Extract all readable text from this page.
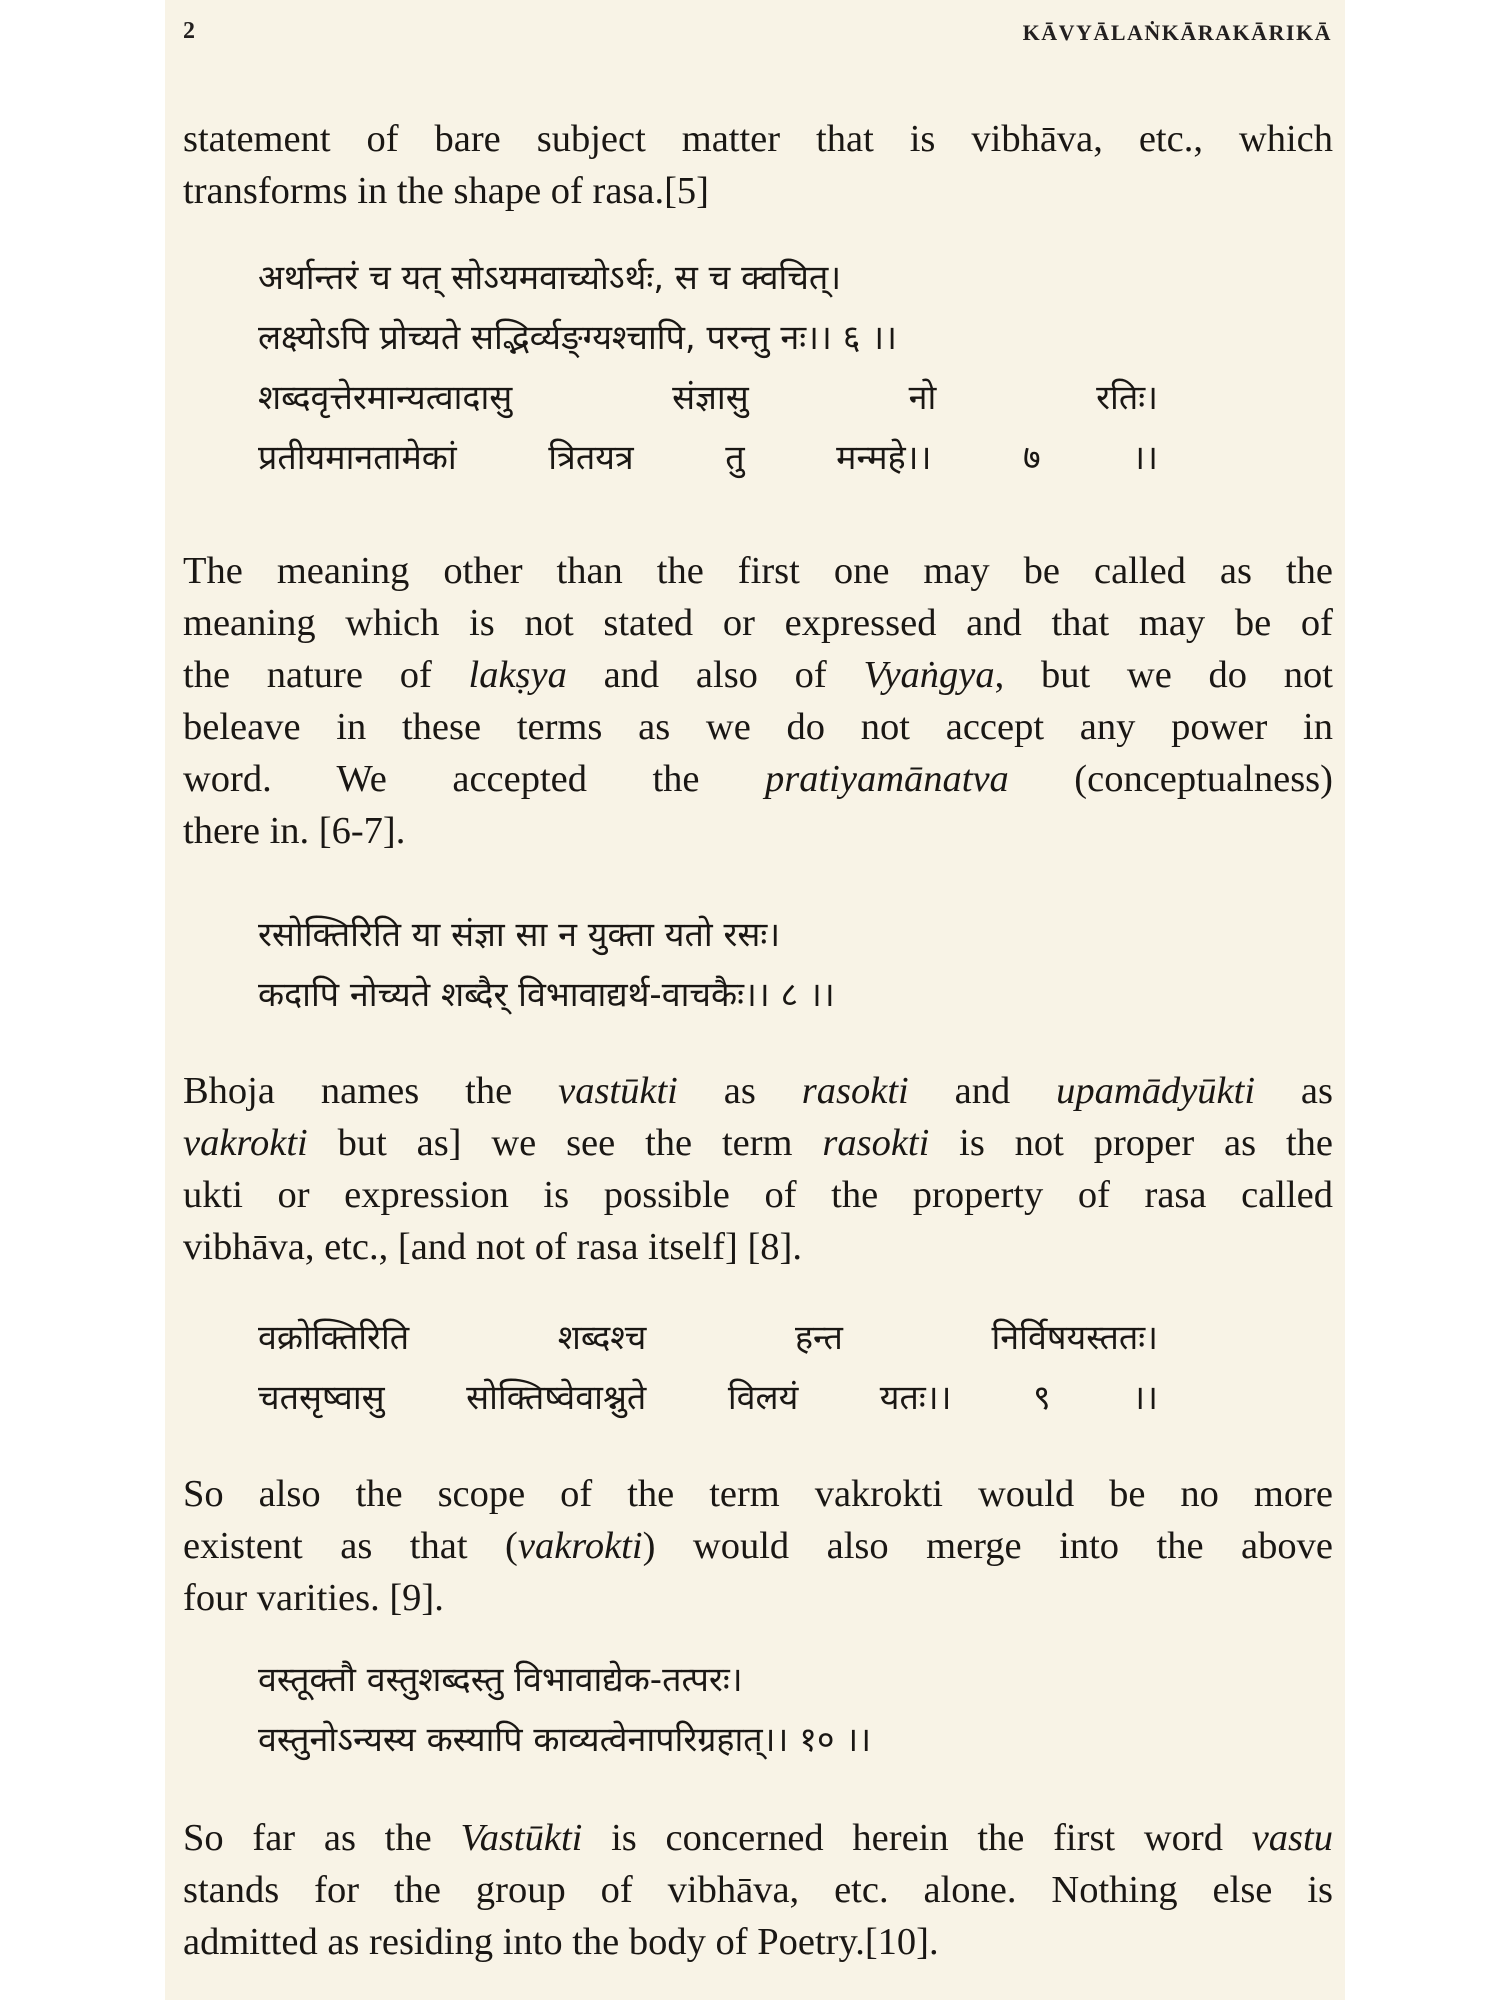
2	KĀVYĀLAṄKĀRAKĀRIKĀ

statement of bare subject matter that is vibhāva, etc., which
transforms in the shape of rasa.[5]

अर्थान्तरं च यत् सोऽयमवाच्योऽर्थः, स च क्वचित्।
लक्ष्योऽपि प्रोच्यते सद्भिर्व्यङ्ग्यश्चापि, परन्तु नः।। ६ ।।
शब्दवृत्तेरमान्यत्वादासु संज्ञासु नो रतिः।
प्रतीयमानतामेकां त्रितयत्र तु मन्महे।। ७ ।।

The meaning other than the first one may be called as the
meaning which is not stated or expressed and that may be of
the nature of lakṣya and also of Vyaṅgya, but we do not
beleave in these terms as we do not accept any power in
word. We accepted the pratiyamānatva (conceptualness)
there in. [6-7].

रसोक्तिरिति या संज्ञा सा न युक्ता यतो रसः।
कदापि नोच्यते शब्दैर् विभावाद्यर्थ-वाचकैः।। ८ ।।

Bhoja names the vastūkti as rasokti and upamādyūkti as
vakrokti but as] we see the term rasokti is not proper as the
ukti or expression is possible of the property of rasa called
vibhāva, etc., [and not of rasa itself] [8].

वक्रोक्तिरिति शब्दश्च हन्त निर्विषयस्ततः।
चतसृष्वासु सोक्तिष्वेवाश्नुते विलयं यतः।। ९ ।।

So also the scope of the term vakrokti would be no more
existent as that (vakrokti) would also merge into the above
four varities. [9].

वस्तूक्तौ वस्तुशब्दस्तु विभावाद्येक-तत्परः।
वस्तुनोऽन्यस्य कस्यापि काव्यत्वेनापरिग्रहात्।। १० ।।

So far as the Vastūkti is concerned herein the first word vastu
stands for the group of vibhāva, etc. alone. Nothing else is
admitted as residing into the body of Poetry.[10].
